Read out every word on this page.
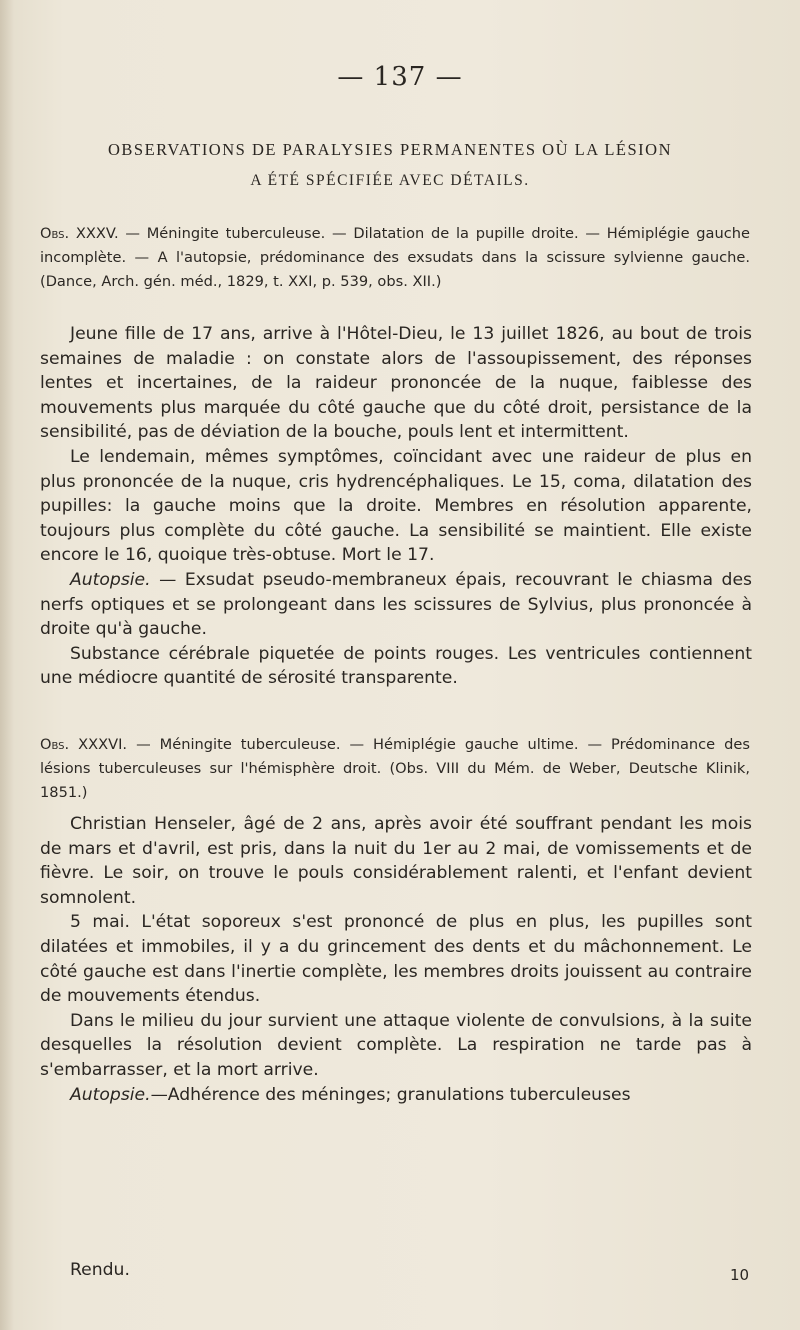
— 137 —
OBSERVATIONS DE PARALYSIES PERMANENTES OÙ LA LÉSION
A ÉTÉ SPÉCIFIÉE AVEC DÉTAILS.

Obs. XXXV. — Méningite tuberculeuse. — Dilatation de la pupille droite. — Hémiplégie gauche incomplète. — A l'autopsie, prédominance des exsudats dans la scissure sylvienne gauche. (Dance, Arch. gén. méd., 1829, t. XXI, p. 539, obs. XII.)

Jeune fille de 17 ans, arrive à l'Hôtel-Dieu, le 13 juillet 1826, au bout de trois semaines de maladie : on constate alors de l'assoupissement, des réponses lentes et incertaines, de la raideur prononcée de la nuque, faiblesse des mouvements plus marquée du côté gauche que du côté droit, persistance de la sensibilité, pas de déviation de la bouche, pouls lent et intermittent.

Le lendemain, mêmes symptômes, coïncidant avec une raideur de plus en plus prononcée de la nuque, cris hydrencéphaliques. Le 15, coma, dilatation des pupilles: la gauche moins que la droite. Membres en résolution apparente, toujours plus complète du côté gauche. La sensibilité se maintient. Elle existe encore le 16, quoique très-obtuse. Mort le 17.

Autopsie. — Exsudat pseudo-membraneux épais, recouvrant le chiasma des nerfs optiques et se prolongeant dans les scissures de Sylvius, plus prononcée à droite qu'à gauche.

Substance cérébrale piquetée de points rouges. Les ventricules contiennent une médiocre quantité de sérosité transparente.

Obs. XXXVI. — Méningite tuberculeuse. — Hémiplégie gauche ultime. — Prédominance des lésions tuberculeuses sur l'hémisphère droit. (Obs. VIII du Mém. de Weber, Deutsche Klinik, 1851.)

Christian Henseler, âgé de 2 ans, après avoir été souffrant pendant les mois de mars et d'avril, est pris, dans la nuit du 1er au 2 mai, de vomissements et de fièvre. Le soir, on trouve le pouls considérablement ralenti, et l'enfant devient somnolent.

5 mai. L'état soporeux s'est prononcé de plus en plus, les pupilles sont dilatées et immobiles, il y a du grincement des dents et du mâchonnement. Le côté gauche est dans l'inertie complète, les membres droits jouissent au contraire de mouvements étendus.

Dans le milieu du jour survient une attaque violente de convulsions, à la suite desquelles la résolution devient complète. La respiration ne tarde pas à s'embarrasser, et la mort arrive.

Autopsie.—Adhérence des méninges; granulations tuberculeuses

Rendu.	10
